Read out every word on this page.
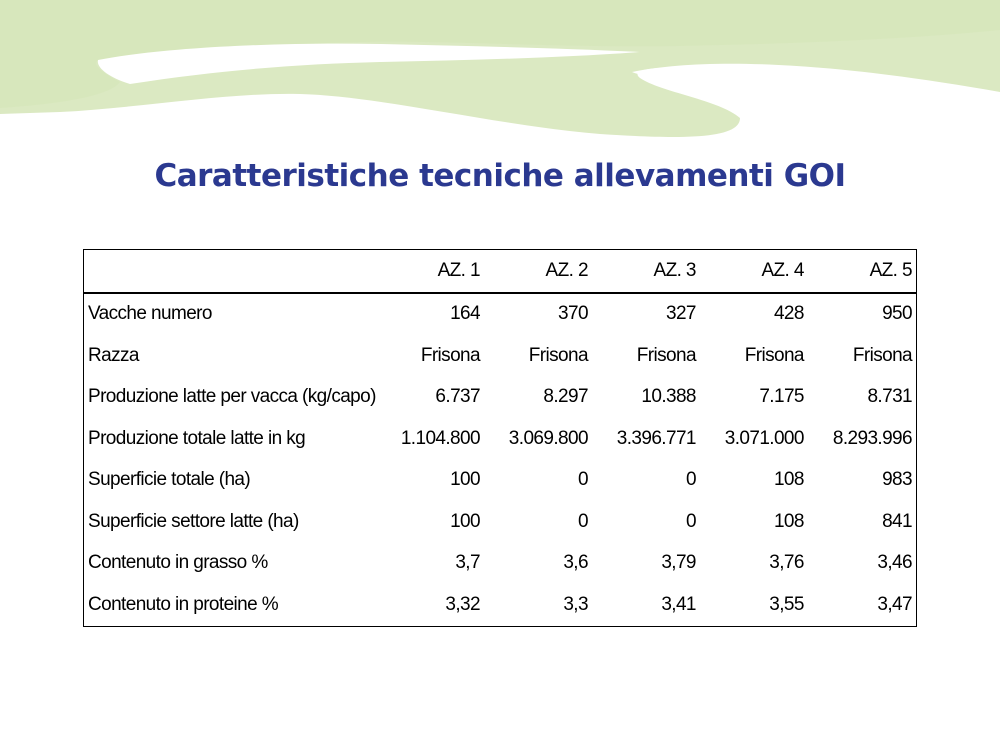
Caratteristiche tecniche allevamenti GOI
	AZ. 1	AZ. 2	AZ. 3	AZ. 4	AZ. 5
Vacche numero	164	370	327	428	950
Razza	Frisona	Frisona	Frisona	Frisona	Frisona
Produzione latte per vacca (kg/capo)	6.737	8.297	10.388	7.175	8.731
Produzione totale latte in kg	1.104.800	3.069.800	3.396.771	3.071.000	8.293.996
Superficie totale (ha)	100	0	0	108	983
Superficie settore latte (ha)	100	0	0	108	841
Contenuto in grasso %	3,7	3,6	3,79	3,76	3,46
Contenuto in proteine %	3,32	3,3	3,41	3,55	3,47
